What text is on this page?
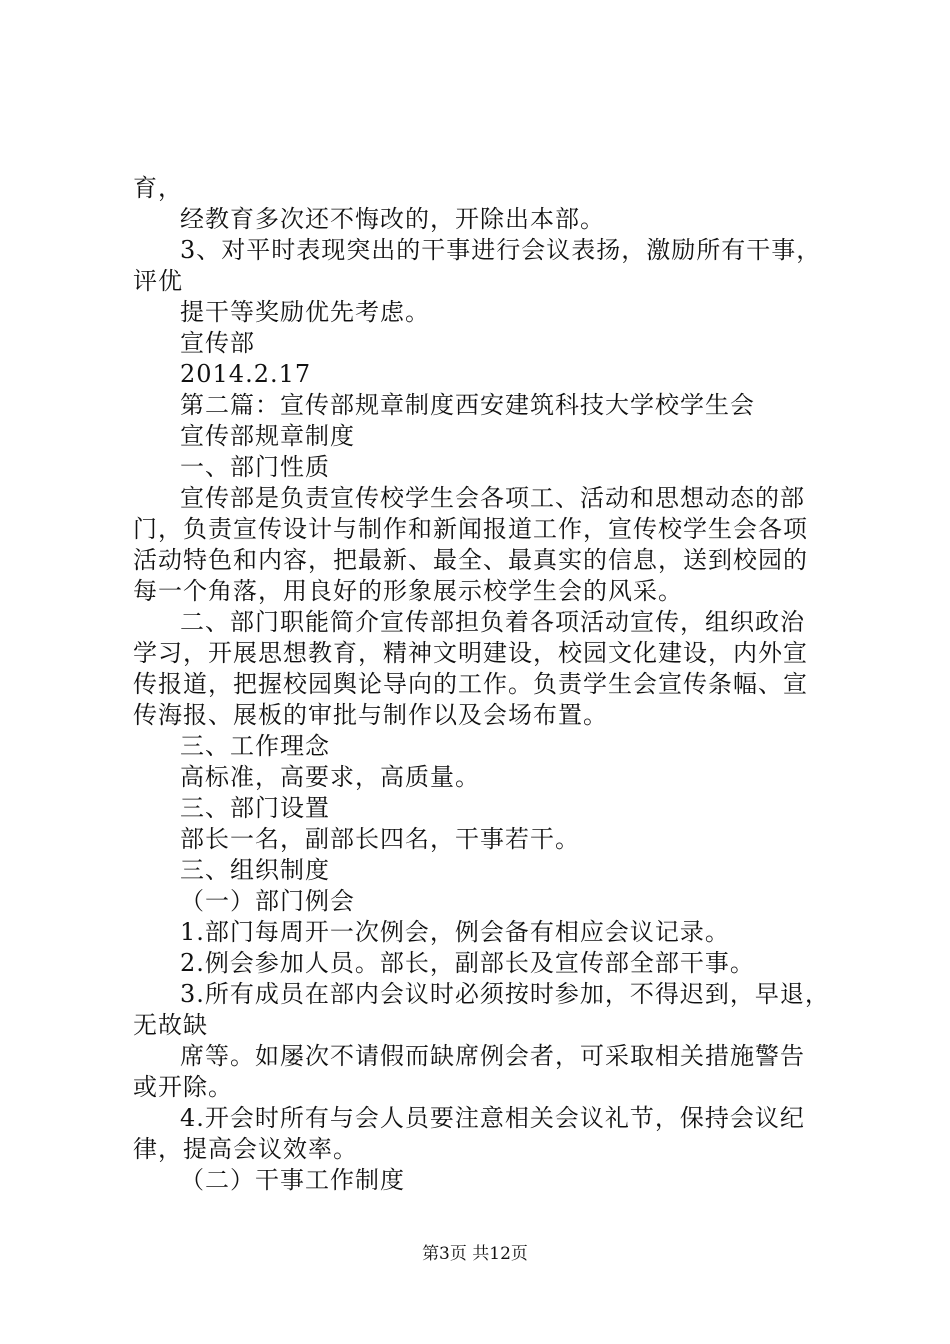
育，
经教育多次还不悔改的，开除出本部。
3、对平时表现突出的干事进行会议表扬，激励所有干事，
评优
提干等奖励优先考虑。
宣传部
2014.2.17
第二篇：宣传部规章制度西安建筑科技大学校学生会
宣传部规章制度
一、部门性质
宣传部是负责宣传校学生会各项工、活动和思想动态的部
门，负责宣传设计与制作和新闻报道工作，宣传校学生会各项
活动特色和内容，把最新、最全、最真实的信息，送到校园的
每一个角落，用良好的形象展示校学生会的风采。
二、部门职能简介宣传部担负着各项活动宣传，组织政治
学习，开展思想教育，精神文明建设，校园文化建设，内外宣
传报道，把握校园舆论导向的工作。负责学生会宣传条幅、宣
传海报、展板的审批与制作以及会场布置。
三、工作理念
高标准，高要求，高质量。
三、部门设置
部长一名，副部长四名，干事若干。
三、组织制度
（一）部门例会
1.部门每周开一次例会，例会备有相应会议记录。
2.例会参加人员。部长，副部长及宣传部全部干事。
3.所有成员在部内会议时必须按时参加，不得迟到，早退，
无故缺
席等。如屡次不请假而缺席例会者，可采取相关措施警告
或开除。
4.开会时所有与会人员要注意相关会议礼节，保持会议纪
律，提高会议效率。
（二）干事工作制度
第3页 共12页
